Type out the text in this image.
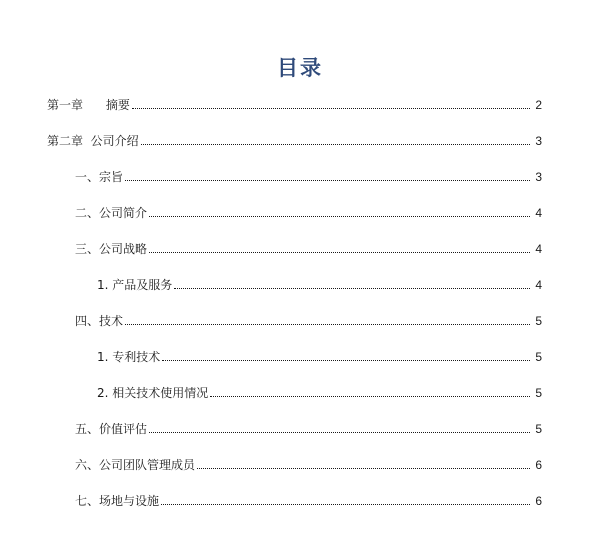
目录
第一章      摘要	2
第二章  公司介绍	3
一、宗旨	3
二、公司简介	4
三、公司战略	4
1. 产品及服务	4
四、技术	5
1. 专利技术	5
2. 相关技术使用情况	5
五、价值评估	5
六、公司团队管理成员	6
七、场地与设施	6
